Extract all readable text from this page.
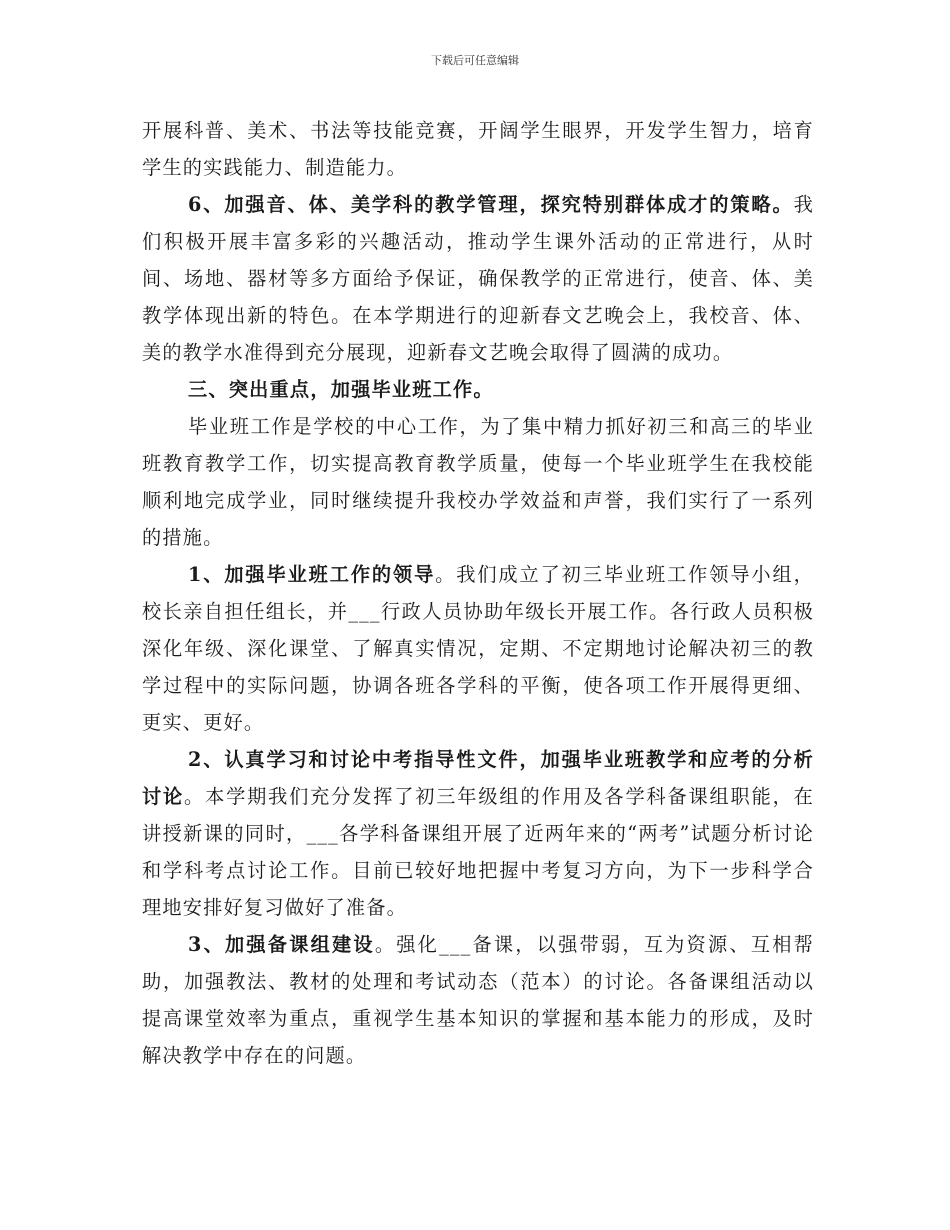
下载后可任意编辑

开展科普、美术、书法等技能竞赛，开阔学生眼界，开发学生智力，培育学生的实践能力、制造能力。

6、加强音、体、美学科的教学管理，探究特别群体成才的策略。我们积极开展丰富多彩的兴趣活动，推动学生课外活动的正常进行，从时间、场地、器材等多方面给予保证，确保教学的正常进行，使音、体、美教学体现出新的特色。在本学期进行的迎新春文艺晚会上，我校音、体、美的教学水准得到充分展现，迎新春文艺晚会取得了圆满的成功。

三、突出重点，加强毕业班工作。

毕业班工作是学校的中心工作，为了集中精力抓好初三和高三的毕业班教育教学工作，切实提高教育教学质量，使每一个毕业班学生在我校能顺利地完成学业，同时继续提升我校办学效益和声誉，我们实行了一系列的措施。

1、加强毕业班工作的领导。我们成立了初三毕业班工作领导小组，校长亲自担任组长，并___行政人员协助年级长开展工作。各行政人员积极深化年级、深化课堂、了解真实情况，定期、不定期地讨论解决初三的教学过程中的实际问题，协调各班各学科的平衡，使各项工作开展得更细、更实、更好。

2、认真学习和讨论中考指导性文件，加强毕业班教学和应考的分析讨论。本学期我们充分发挥了初三年级组的作用及各学科备课组职能，在讲授新课的同时，___各学科备课组开展了近两年来的“两考”试题分析讨论和学科考点讨论工作。目前已较好地把握中考复习方向，为下一步科学合理地安排好复习做好了准备。

3、加强备课组建设。强化___备课，以强带弱，互为资源、互相帮助，加强教法、教材的处理和考试动态（范本）的讨论。各备课组活动以提高课堂效率为重点，重视学生基本知识的掌握和基本能力的形成，及时解决教学中存在的问题。
